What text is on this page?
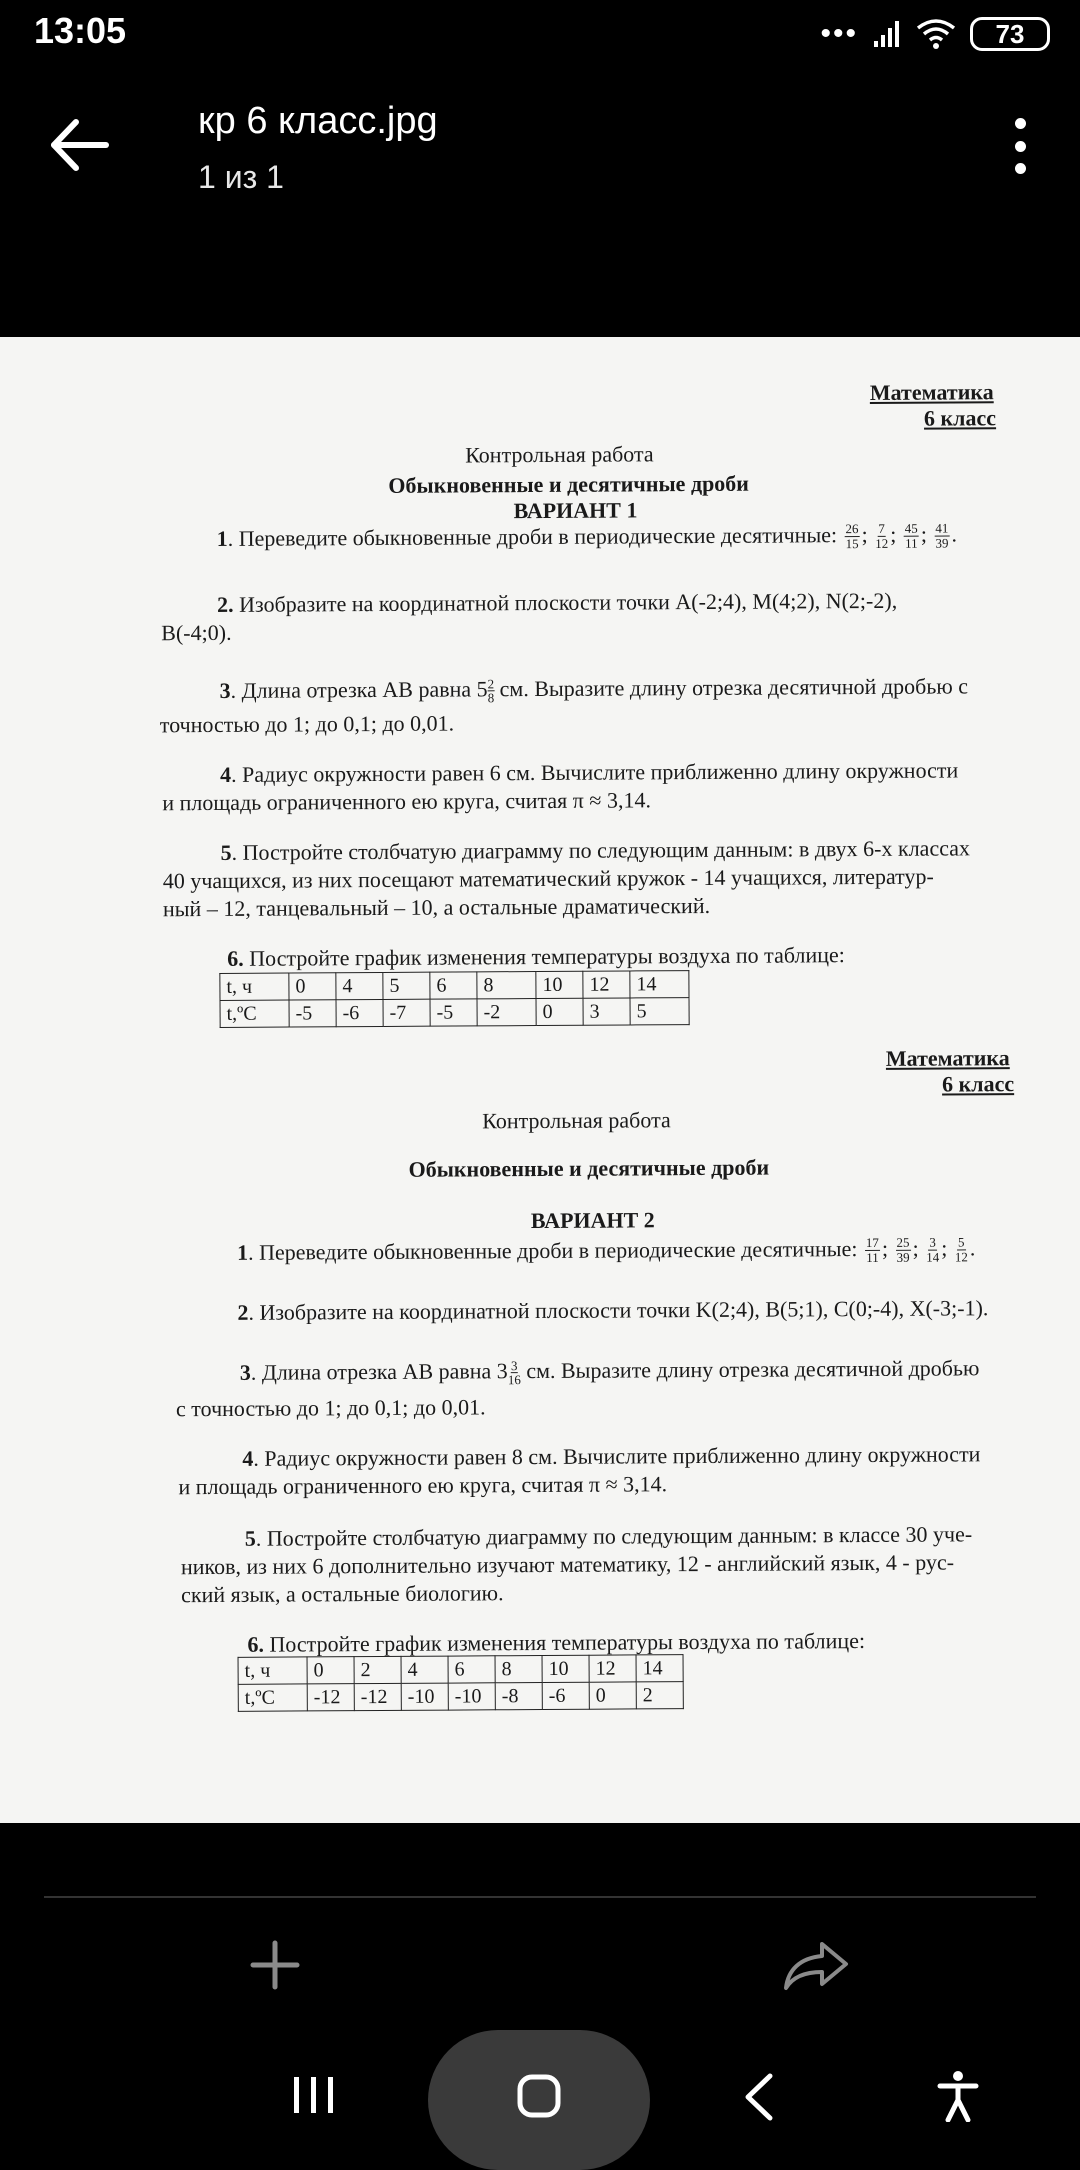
13:05	•••	73
кр 6 класс.jpg
1 из 1
Математика
6 класс
Контрольная работа
Обыкновенные и десятичные дроби
ВАРИАНТ 1
1. Переведите обыкновенные дроби в периодические десятичные: $\frac{26}{15}$ ; $\frac{7}{12}$ ; $\frac{45}{11}$ ; $\frac{41}{39}$ .
2. Изобразите на координатной плоскости точки A(-2;4), M(4;2), N(2;-2),
B(-4;0).
3. Длина отрезка AB равна $5 \frac{2}{8}$ см. Выразите длину отрезка десятичной дробью с
точностью до 1; до 0,1; до 0,01.
4. Радиус окружности равен 6 см. Вычислите приближенно длину окружности
и площадь ограниченного ею круга, считая π ≈ 3,14.
5. Постройте столбчатую диаграмму по следующим данным: в двух 6-х классах
40 учащихся, из них посещают математический кружок - 14 учащихся, литератур-
ный – 12, танцевальный – 10, а остальные драматический.
6. Постройте график изменения температуры воздуха по таблице:
t, ч	0	4	5	6	8	10	12	14
t,ºC	-5	-6	-7	-5	-2	0	3	5
Математика
6 класс
Контрольная работа
Обыкновенные и десятичные дроби
ВАРИАНТ 2
1. Переведите обыкновенные дроби в периодические десятичные: $\frac{17}{11}$ ; $\frac{25}{39}$ ; $\frac{3}{14}$ ; $\frac{5}{12}$ .
2. Изобразите на координатной плоскости точки K(2;4), B(5;1), C(0;-4), X(-3;-1).
3. Длина отрезка AB равна $3 \frac{3}{16}$ см. Выразите длину отрезка десятичной дробью
с точностью до 1; до 0,1; до 0,01.
4. Радиус окружности равен 8 см. Вычислите приближенно длину окружности
и площадь ограниченного ею круга, считая π ≈ 3,14.
5. Постройте столбчатую диаграмму по следующим данным: в классе 30 уче-
ников, из них 6 дополнительно изучают математику, 12 - английский язык, 4 - рус-
ский язык, а остальные биологию.
6. Постройте график изменения температуры воздуха по таблице:
t, ч	0	2	4	6	8	10	12	14
t,ºC	-12	-12	-10	-10	-8	-6	0	2
